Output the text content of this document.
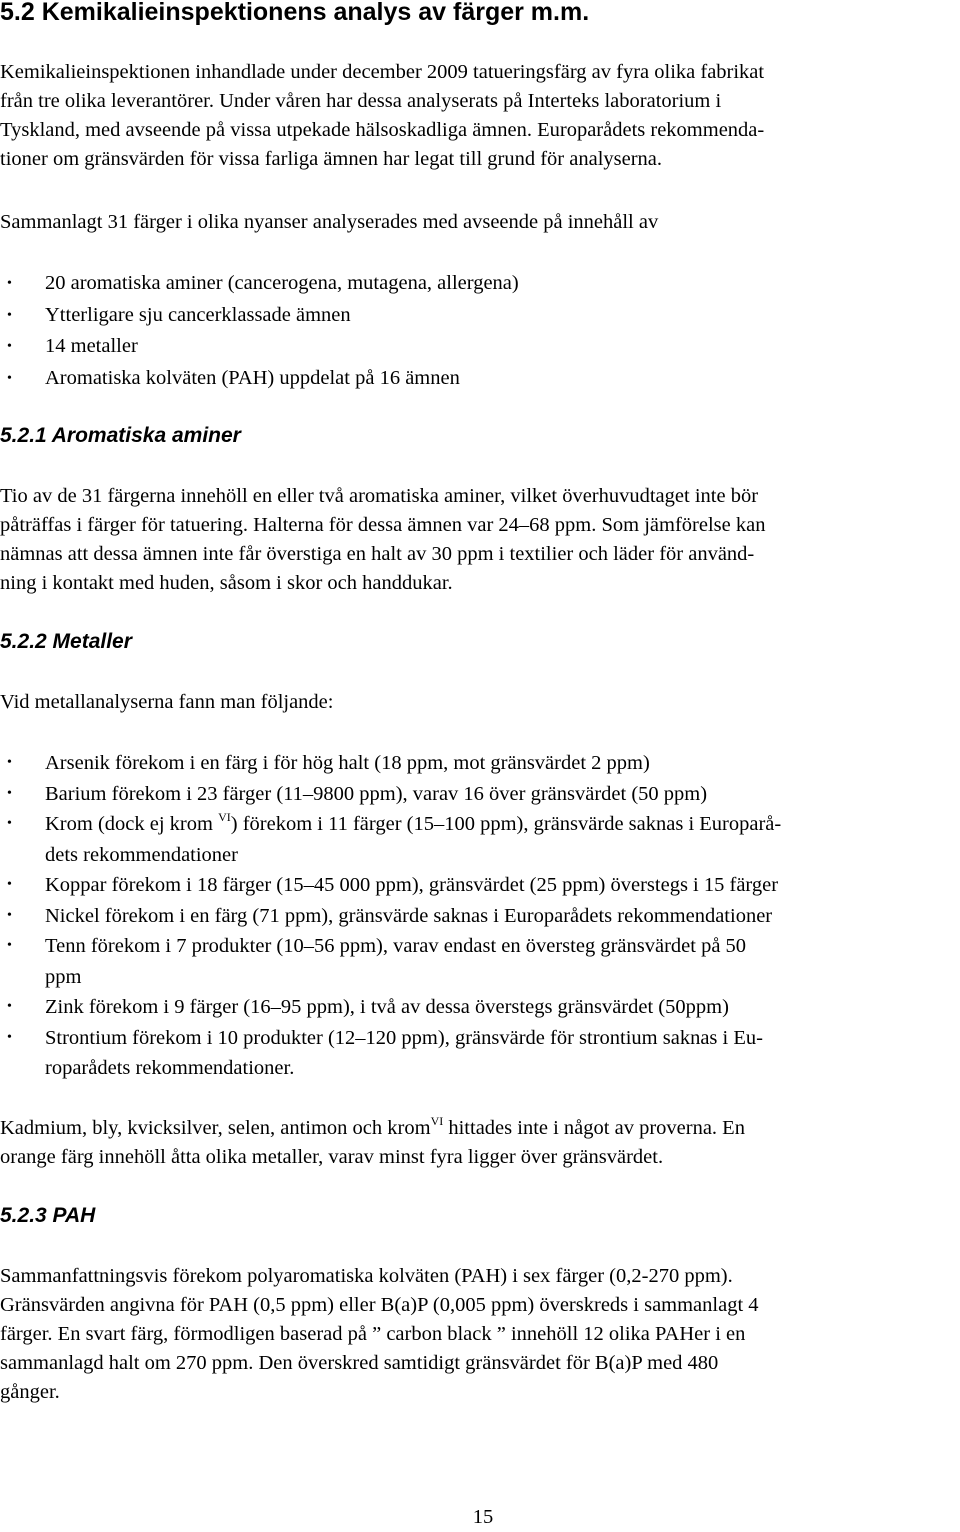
5.2 Kemikalieinspektionens analys av färger m.m.

Kemikalieinspektionen inhandlade under december 2009 tatueringsfärg av fyra olika fabrikat
från tre olika leverantörer. Under våren har dessa analyserats på Interteks laboratorium i
Tyskland, med avseende på vissa utpekade hälsoskadliga ämnen. Europarådets rekommenda-
tioner om gränsvärden för vissa farliga ämnen har legat till grund för analyserna.

Sammanlagt 31 färger i olika nyanser analyserades med avseende på innehåll av

• 20 aromatiska aminer (cancerogena, mutagena, allergena)
• Ytterligare sju cancerklassade ämnen
• 14 metaller
• Aromatiska kolväten (PAH) uppdelat på 16 ämnen
5.2.1 Aromatiska aminer

Tio av de 31 färgerna innehöll en eller två aromatiska aminer, vilket överhuvudtaget inte bör
påträffas i färger för tatuering. Halterna för dessa ämnen var 24–68 ppm. Som jämförelse kan
nämnas att dessa ämnen inte får överstiga en halt av 30 ppm i textilier och läder för använd-
ning i kontakt med huden, såsom i skor och handdukar.

5.2.2 Metaller

Vid metallanalyserna fann man följande:

• Arsenik förekom i en färg i för hög halt (18 ppm, mot gränsvärdet 2 ppm)
• Barium förekom i 23 färger (11–9800 ppm), varav 16 över gränsvärdet (50 ppm)
• Krom (dock ej krom $^{VI}$) förekom i 11 färger (15–100 ppm), gränsvärde saknas i Europarå-
dets rekommendationer
• Koppar förekom i 18 färger (15–45 000 ppm), gränsvärdet (25 ppm) överstegs i 15 färger
• Nickel förekom i en färg (71 ppm), gränsvärde saknas i Europarådets rekommendationer
• Tenn förekom i 7 produkter (10–56 ppm), varav endast en översteg gränsvärdet på 50
ppm
• Zink förekom i 9 färger (16–95 ppm), i två av dessa överstegs gränsvärdet (50ppm)
• Strontium förekom i 10 produkter (12–120 ppm), gränsvärde för strontium saknas i Eu-
roparådets rekommendationer.

Kadmium, bly, kvicksilver, selen, antimon och krom$^{VI}$ hittades inte i något av proverna. En
orange färg innehöll åtta olika metaller, varav minst fyra ligger över gränsvärdet.

5.2.3 PAH

Sammanfattningsvis förekom polyaromatiska kolväten (PAH) i sex färger (0,2-270 ppm).
Gränsvärden angivna för PAH (0,5 ppm) eller B(a)P (0,005 ppm) överskreds i sammanlagt 4
färger. En svart färg, förmodligen baserad på ” carbon black ” innehöll 12 olika PAHer i en
sammanlagd halt om 270 ppm. Den överskred samtidigt gränsvärdet för B(a)P med 480
gånger.

15
